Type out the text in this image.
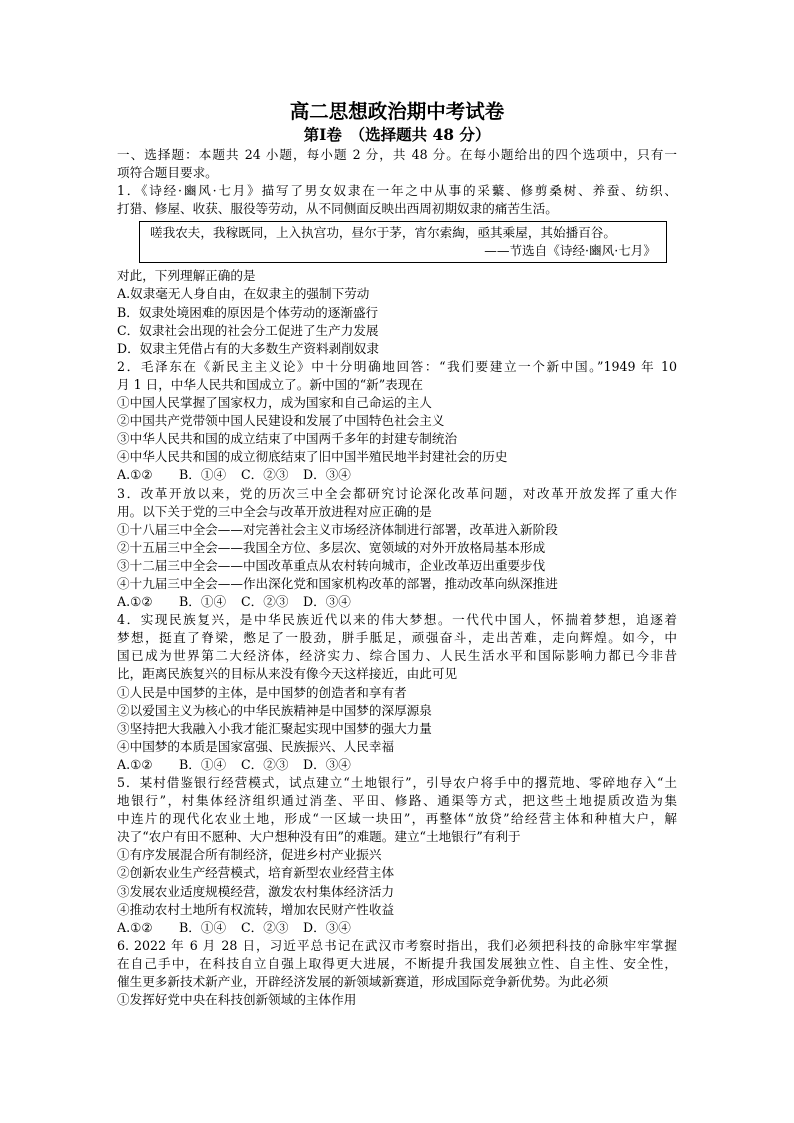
高二思想政治期中考试卷
第Ⅰ卷　（选择题共 48 分）
一、选择题：本题共 24 小题，每小题 2 分，共 48 分。在每小题给出的四个选项中，只有一
项符合题目要求。
1．《诗经·豳风·七月》描写了男女奴隶在一年之中从事的采蘩、修剪桑树、养蚕、纺织、
打猎、修屋、收获、服役等劳动，从不同侧面反映出西周初期奴隶的痛苦生活。
嗟我农夫，我稼既同，上入执宫功，昼尔于茅，宵尔索綯，亟其乘屋，其始播百谷。
——节选自《诗经·豳风·七月》
对此，下列理解正确的是
A.奴隶毫无人身自由，在奴隶主的强制下劳动
B．奴隶处境困难的原因是个体劳动的逐渐盛行
C．奴隶社会出现的社会分工促进了生产力发展
D．奴隶主凭借占有的大多数生产资料剥削奴隶
2．毛泽东在《新民主主义论》中十分明确地回答：“我们要建立一个新中国。”1949 年 10
月 1 日，中华人民共和国成立了。新中国的“新”表现在
①中国人民掌握了国家权力，成为国家和自己命运的主人
②中国共产党带领中国人民建设和发展了中国特色社会主义
③中华人民共和国的成立结束了中国两千多年的封建专制统治
④中华人民共和国的成立彻底结束了旧中国半殖民地半封建社会的历史
A.①② B．①④ C．②③ D．③④
3．改革开放以来，党的历次三中全会都研究讨论深化改革问题，对改革开放发挥了重大作
用。以下关于党的三中全会与改革开放进程对应正确的是
①十八届三中全会——对完善社会主义市场经济体制进行部署，改革进入新阶段
②十五届三中全会——我国全方位、多层次、宽领域的对外开放格局基本形成
③十二届三中全会——中国改革重点从农村转向城市，企业改革迈出重要步伐
④十九届三中全会——作出深化党和国家机构改革的部署，推动改革向纵深推进
A.①② B．①④ C．②③ D．③④
4．实现民族复兴，是中华民族近代以来的伟大梦想。一代代中国人，怀揣着梦想，追逐着
梦想，挺直了脊梁，憋足了一股劲，胼手胝足，顽强奋斗，走出苦难，走向辉煌。如今，中
国已成为世界第二大经济体，经济实力、综合国力、人民生活水平和国际影响力都已今非昔
比，距离民族复兴的目标从来没有像今天这样接近，由此可见
①人民是中国梦的主体，是中国梦的创造者和享有者
②以爱国主义为核心的中华民族精神是中国梦的深厚源泉
③坚持把大我融入小我才能汇聚起实现中国梦的强大力量
④中国梦的本质是国家富强、民族振兴、人民幸福
A.①② B．①④ C．②③ D．③④
5．某村借鉴银行经营模式，试点建立“土地银行”，引导农户将手中的撂荒地、零碎地存入“土
地银行”，村集体经济组织通过消垄、平田、修路、通渠等方式，把这些土地提质改造为集
中连片的现代化农业土地，形成“一区域一块田”，再整体“放贷”给经营主体和种植大户，解
决了“农户有田不愿种、大户想种没有田”的难题。建立“土地银行”有利于
①有序发展混合所有制经济，促进乡村产业振兴
②创新农业生产经营模式，培育新型农业经营主体
③发展农业适度规模经营，激发农村集体经济活力
④推动农村土地所有权流转，增加农民财产性收益
A.①② B．①④ C．②③ D．③④
6. 2022 年 6 月 28 日，习近平总书记在武汉市考察时指出，我们必须把科技的命脉牢牢掌握
在自己手中，在科技自立自强上取得更大进展，不断提升我国发展独立性、自主性、安全性，
催生更多新技术新产业，开辟经济发展的新领域新赛道，形成国际竞争新优势。为此必须
①发挥好党中央在科技创新领域的主体作用
